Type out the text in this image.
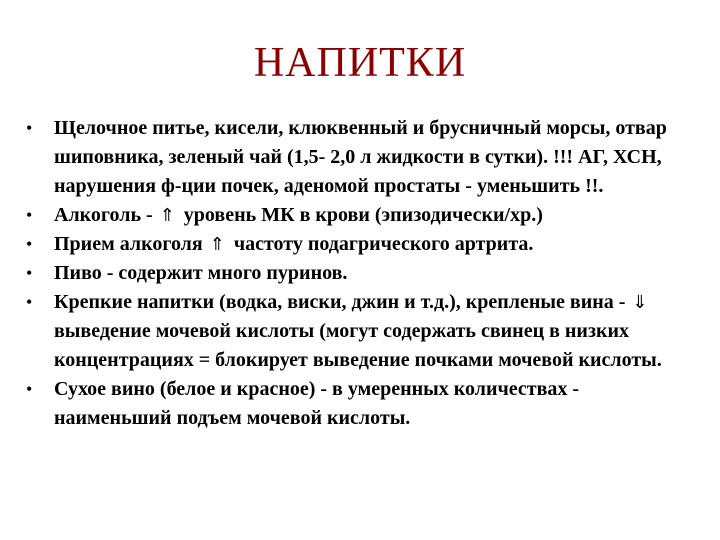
НАПИТКИ
•	Щелочное питье, кисели, клюквенный и брусничный морсы, отвар шиповника, зеленый чай (1,5- 2,0 л жидкости в сутки). !!! АГ, ХСН, нарушения ф-ции почек, аденомой простаты - уменьшить !!.
•	Алкоголь - ⇑ уровень МК в крови (эпизодически/хр.)
•	Прием алкоголя ⇑ частоту подагрического артрита.
•	Пиво - содержит много пуринов.
•	Крепкие напитки (водка, виски, джин и т.д.), крепленые вина - ⇓ выведение мочевой кислоты (могут содержать свинец в низких концентрациях = блокирует выведение почками мочевой кислоты.
•	Сухое вино (белое и красное) - в умеренных количествах - наименьший подъем мочевой кислоты.
